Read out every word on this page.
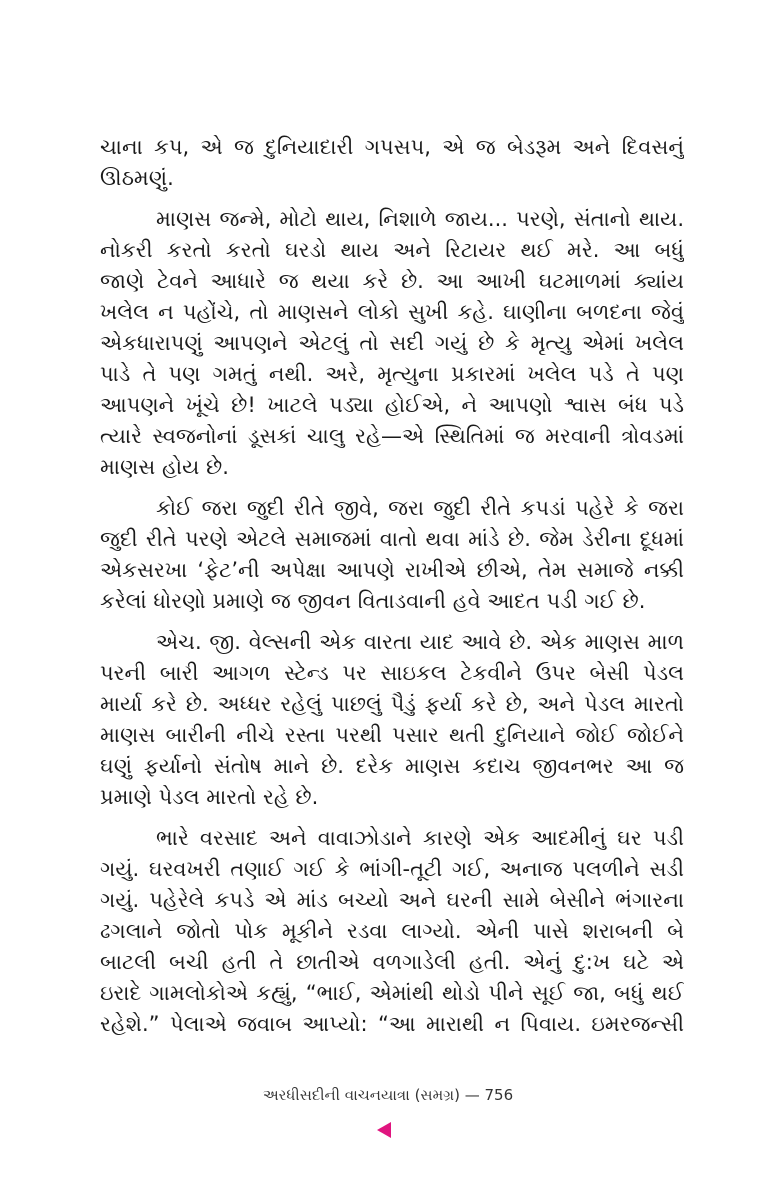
ચાના કપ, એ જ દુનિયાદારી ગપસપ, એ જ બેડરૂમ અને દિવસનું
ઊઠમણું.
માણસ જન્મે, મોટો થાય, નિશાળે જાય... પરણે, સંતાનો થાય.
નોકરી કરતો કરતો ઘરડો થાય અને રિટાયર થઈ મરે. આ બધું
જાણે ટેવને આધારે જ થયા કરે છે. આ આખી ઘટમાળમાં ક્યાંય
ખલેલ ન પહોંચે, તો માણસને લોકો સુખી કહે. ઘાણીના બળદના જેવું
એકધારાપણું આપણને એટલું તો સદી ગયું છે કે મૃત્યુ એમાં ખલેલ
પાડે તે પણ ગમતું નથી. અરે, મૃત્યુના પ્રકારમાં ખલેલ પડે તે પણ
આપણને ખૂંચે છે! ખાટલે પડ્યા હોઈએ, ને આપણો શ્વાસ બંધ પડે
ત્યારે સ્વજનોનાં ડૂસકાં ચાલુ રહે—એ સ્થિતિમાં જ મરવાની ત્રોવડમાં
માણસ હોય છે.
કોઈ જરા જુદી રીતે જીવે, જરા જુદી રીતે કપડાં પહેરે કે જરા
જુદી રીતે પરણે એટલે સમાજમાં વાતો થવા માંડે છે. જેમ ડેરીના દૂધમાં
એકસરખા ‘ફેટ’ની અપેક્ષા આપણે રાખીએ છીએ, તેમ સમાજે નક્કી
કરેલાં ધોરણો પ્રમાણે જ જીવન વિતાડવાની હવે આદત પડી ગઈ છે.
એચ. જી. વેલ્સની એક વારતા યાદ આવે છે. એક માણસ માળ
પરની બારી આગળ સ્ટેન્ડ પર સાઇકલ ટેકવીને ઉપર બેસી પેડલ
માર્યા કરે છે. અધ્ધર રહેલું પાછલું પૈડું ફર્યા કરે છે, અને પેડલ મારતો
માણસ બારીની નીચે રસ્તા પરથી પસાર થતી દુનિયાને જોઈ જોઈને
ઘણું ફર્યાનો સંતોષ માને છે. દરેક માણસ કદાચ જીવનભર આ જ
પ્રમાણે પેડલ મારતો રહે છે.
ભારે વરસાદ અને વાવાઝોડાને કારણે એક આદમીનું ઘર પડી
ગયું. ઘરવખરી તણાઈ ગઈ કે ભાંગી-તૂટી ગઈ, અનાજ પલળીને સડી
ગયું. પહેરેલે કપડે એ માંડ બચ્યો અને ઘરની સામે બેસીને ભંગારના
ઢગલાને જોતો પોક મૂકીને રડવા લાગ્યો. એની પાસે શરાબની બે
બાટલી બચી હતી તે છાતીએ વળગાડેલી હતી. એનું દુ:ખ ઘટે એ
ઇરાદે ગામલોકોએ કહ્યું, “ભાઈ, એમાંથી થોડો પીને સૂઈ જા, બધું થઈ
રહેશે.” પેલાએ જવાબ આપ્યો: “આ મારાથી ન પિવાય. ઇમરજન્સી
અરધીસદીની વાચનયાત્રા (સમગ્ર) — 756
